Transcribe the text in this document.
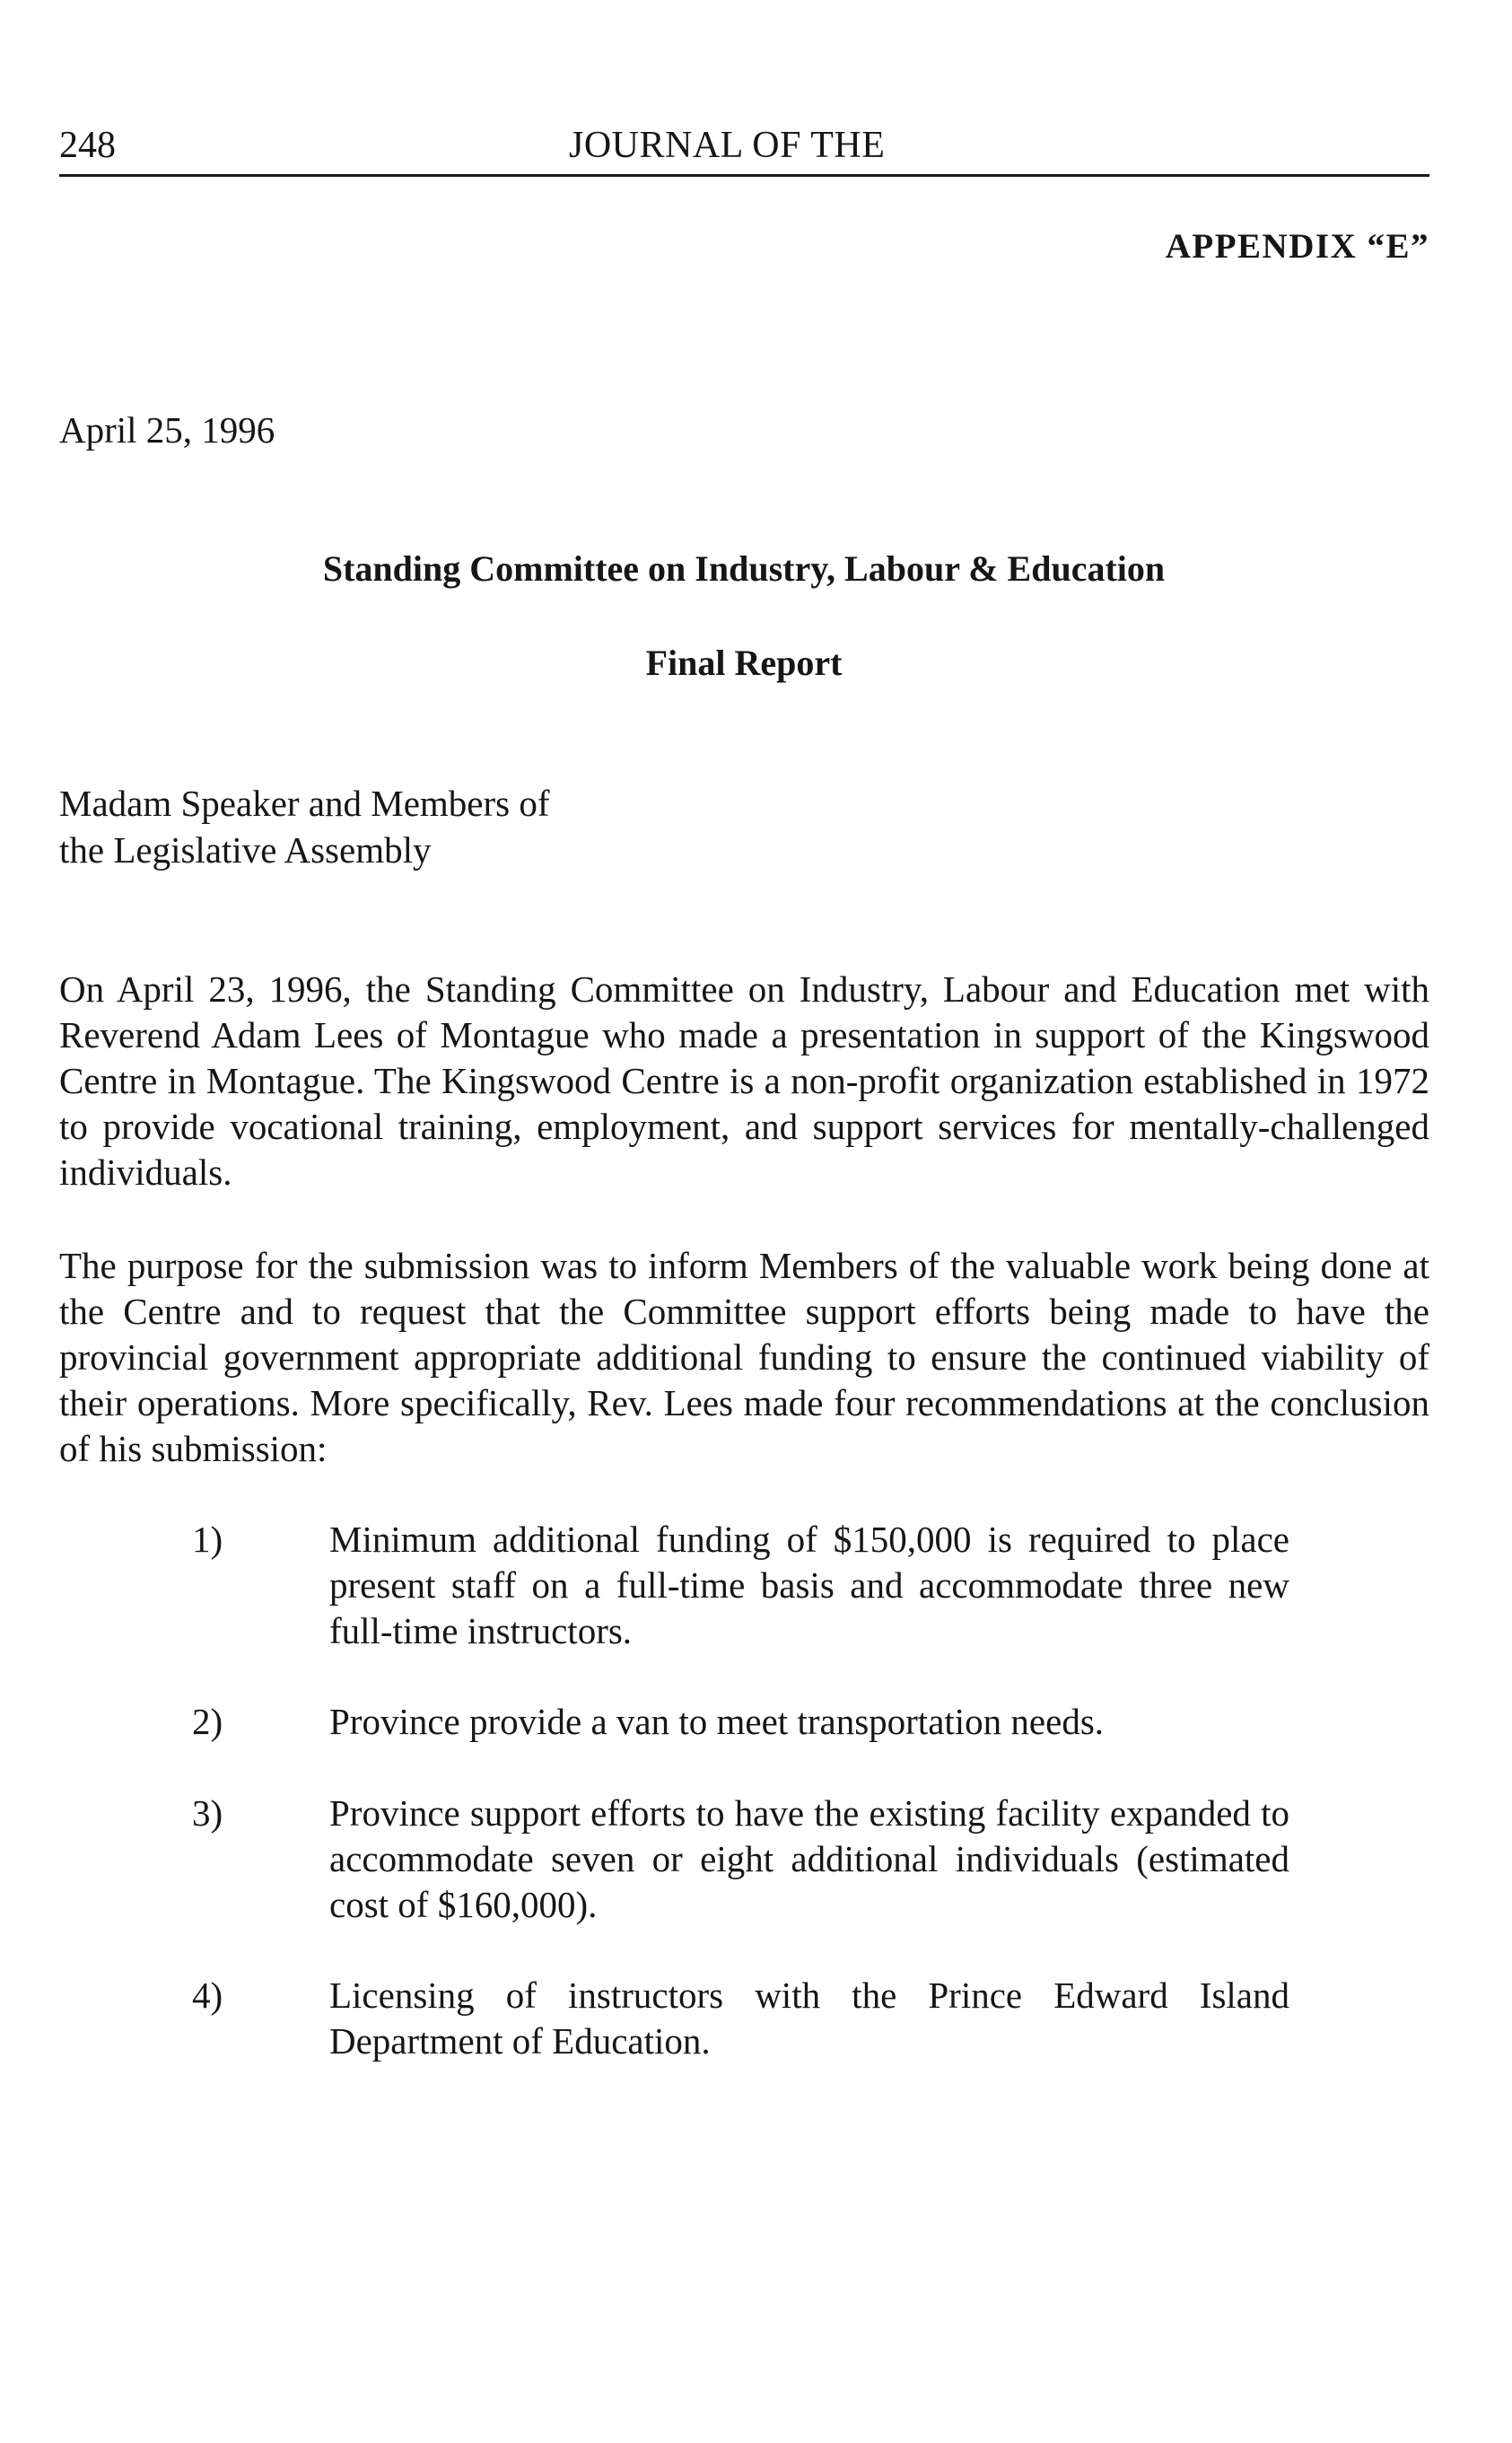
248	JOURNAL OF THE
APPENDIX “E”
April 25, 1996
Standing Committee on Industry, Labour & Education
Final Report
Madam Speaker and Members of
the Legislative Assembly
On April 23, 1996, the Standing Committee on Industry, Labour and Education met with Reverend Adam Lees of Montague who made a presentation in support of the Kingswood Centre in Montague. The Kingswood Centre is a non-profit organization established in 1972 to provide vocational training, employment, and support services for mentally-challenged individuals.
The purpose for the submission was to inform Members of the valuable work being done at the Centre and to request that the Committee support efforts being made to have the provincial government appropriate additional funding to ensure the continued viability of their operations. More specifically, Rev. Lees made four recommendations at the conclusion of his submission:
1)	Minimum additional funding of $150,000 is required to place present staff on a full-time basis and accommodate three new full-time instructors.
2)	Province provide a van to meet transportation needs.
3)	Province support efforts to have the existing facility expanded to accommodate seven or eight additional individuals (estimated cost of $160,000).
4)	Licensing of instructors with the Prince Edward Island Department of Education.
